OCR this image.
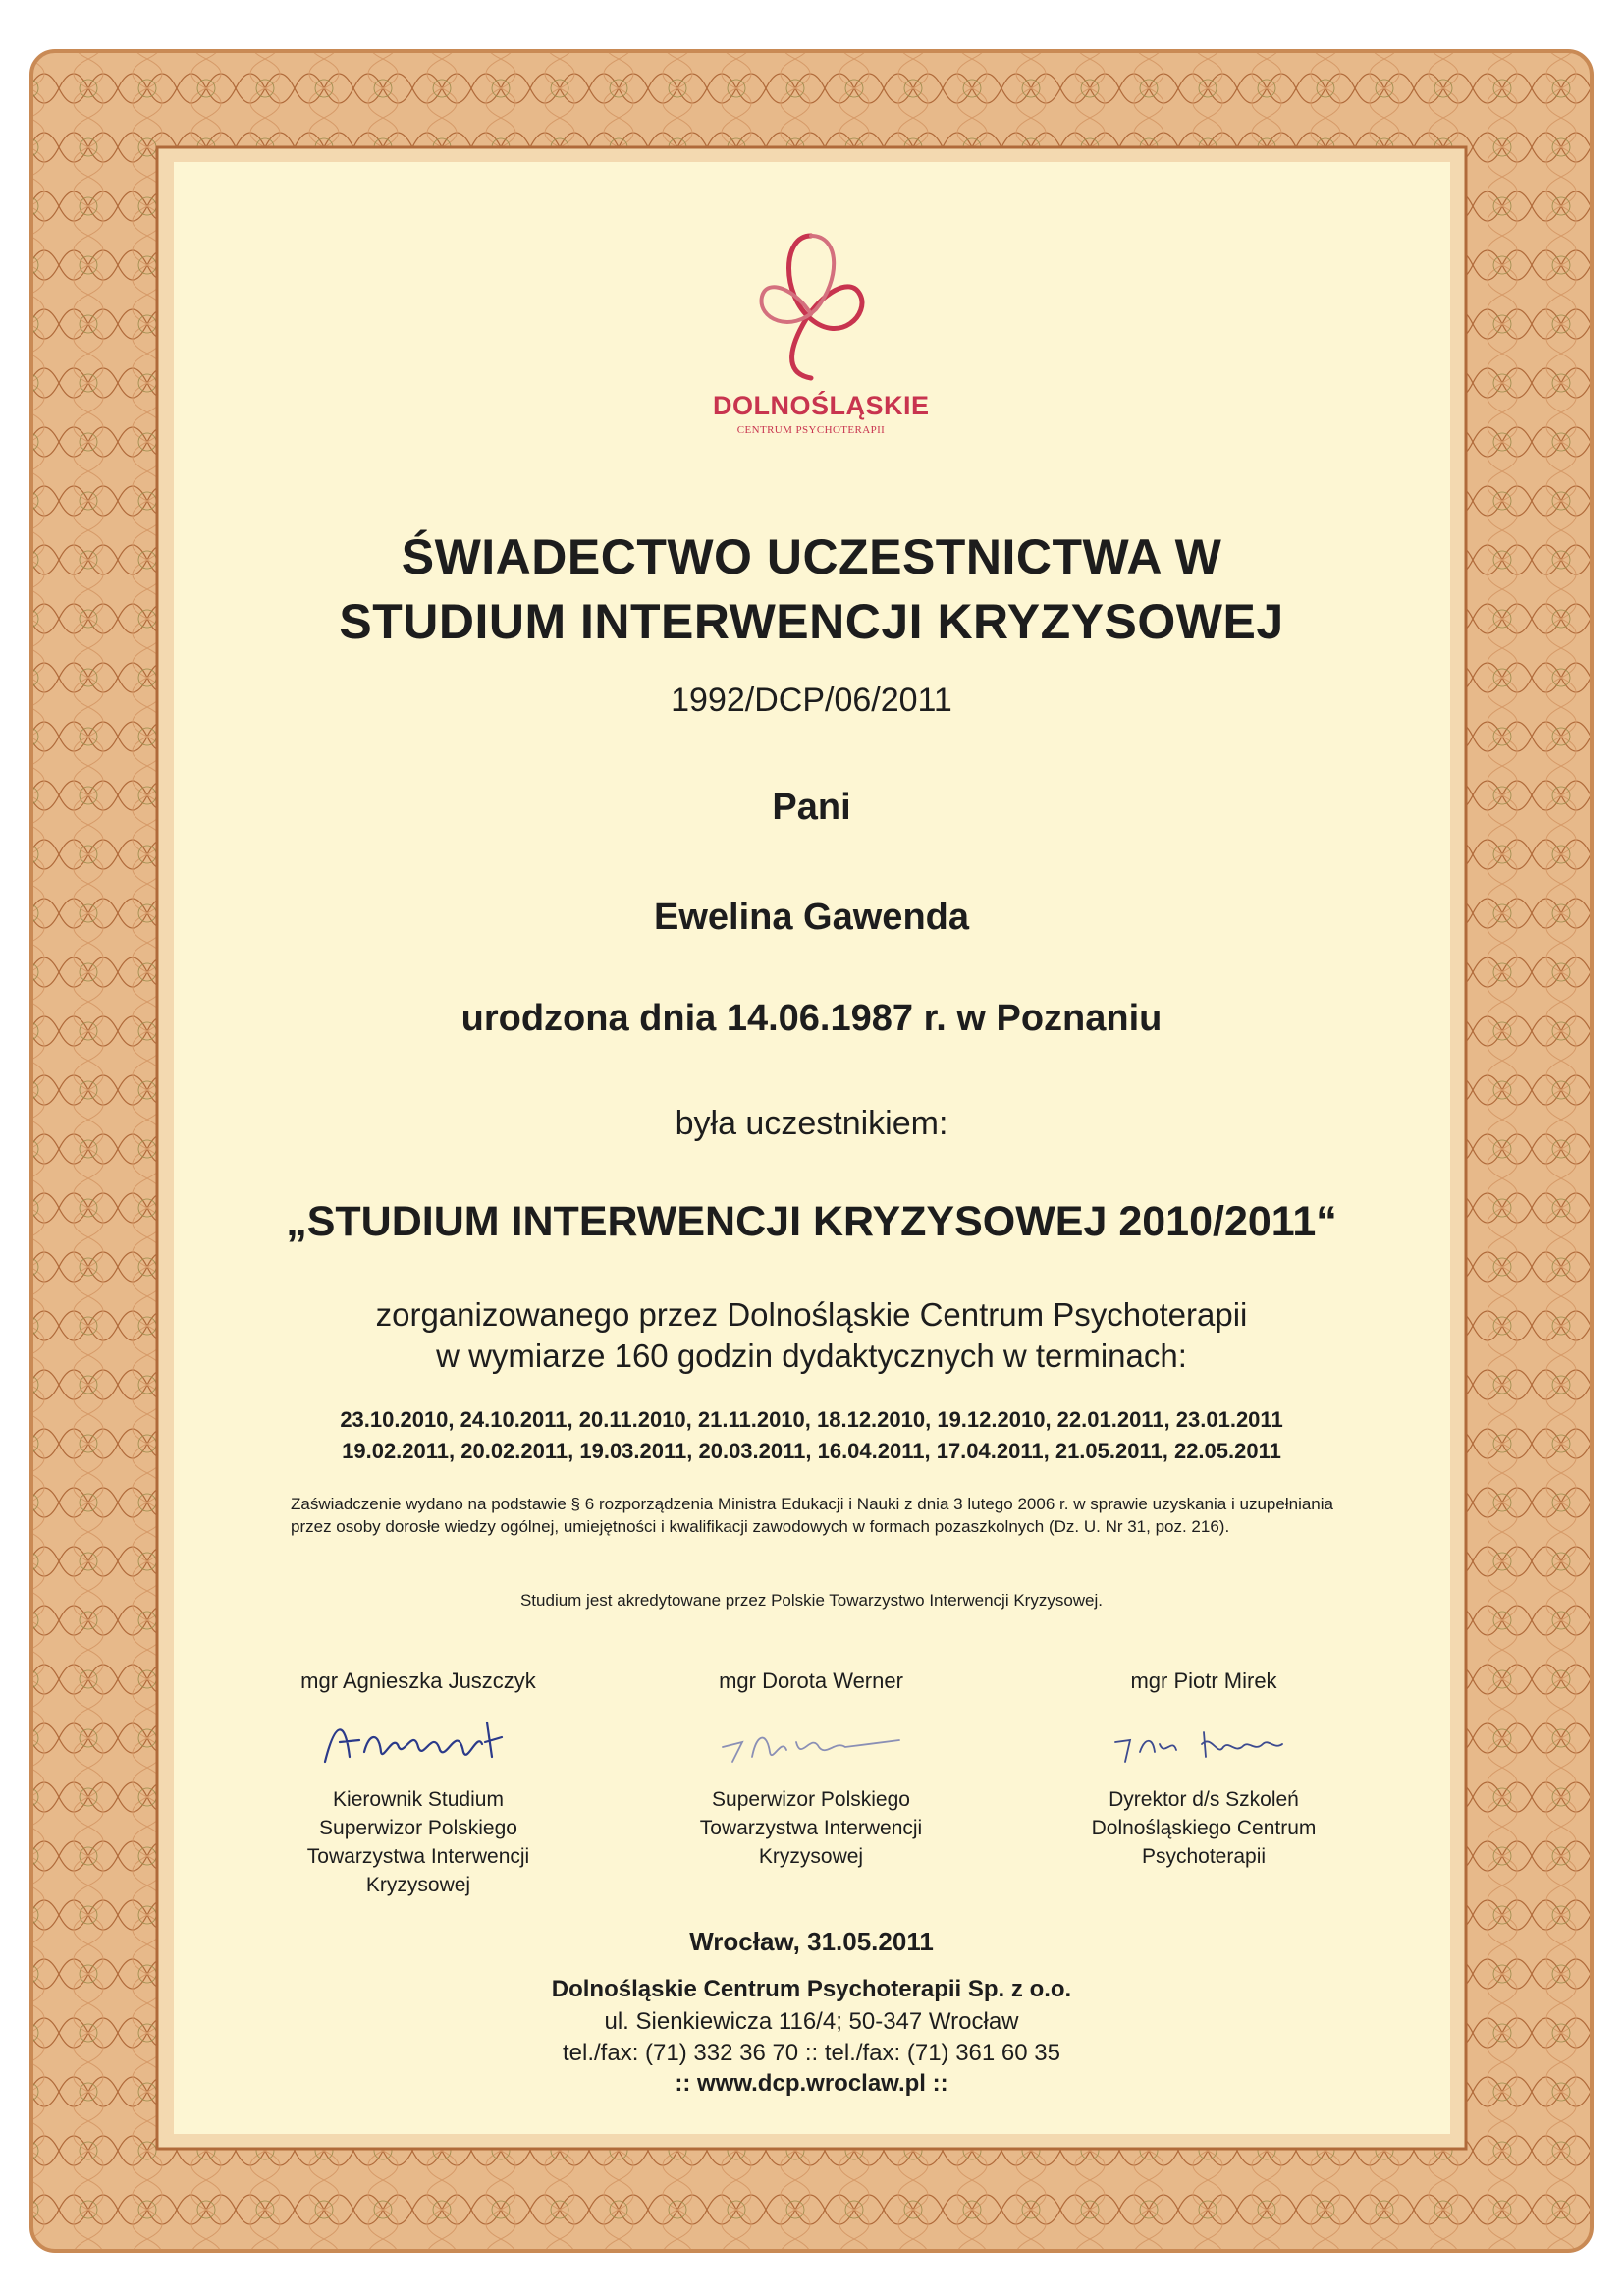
DOLNOŚLĄSKIE
CENTRUM PSYCHOTERAPII
ŚWIADECTWO UCZESTNICTWA W
STUDIUM INTERWENCJI KRYZYSOWEJ
1992/DCP/06/2011
Pani
Ewelina Gawenda
urodzona dnia 14.06.1987 r. w Poznaniu
była uczestnikiem:
„STUDIUM INTERWENCJI KRYZYSOWEJ 2010/2011“
zorganizowanego przez Dolnośląskie Centrum Psychoterapii
w wymiarze 160 godzin dydaktycznych w terminach:
23.10.2010, 24.10.2011, 20.11.2010, 21.11.2010, 18.12.2010, 19.12.2010, 22.01.2011, 23.01.2011
19.02.2011, 20.02.2011, 19.03.2011, 20.03.2011, 16.04.2011, 17.04.2011, 21.05.2011, 22.05.2011
Zaświadczenie wydano na podstawie § 6 rozporządzenia Ministra Edukacji i Nauki z dnia 3 lutego 2006 r. w sprawie uzyskania i uzupełniania przez osoby dorosłe wiedzy ogólnej, umiejętności i kwalifikacji zawodowych w formach pozaszkolnych (Dz. U. Nr 31, poz. 216).
Studium jest akredytowane przez Polskie Towarzystwo Interwencji Kryzysowej.
mgr Agnieszka Juszczyk
Kierownik Studium
Superwizor Polskiego
Towarzystwa Interwencji
Kryzysowej
mgr Dorota Werner
Superwizor Polskiego
Towarzystwa Interwencji
Kryzysowej
mgr Piotr Mirek
Dyrektor d/s Szkoleń
Dolnośląskiego Centrum
Psychoterapii
Wrocław, 31.05.2011
Dolnośląskie Centrum Psychoterapii Sp. z o.o.
ul. Sienkiewicza 116/4; 50-347 Wrocław
tel./fax: (71) 332 36 70 :: tel./fax: (71) 361 60 35
:: www.dcp.wroclaw.pl ::
